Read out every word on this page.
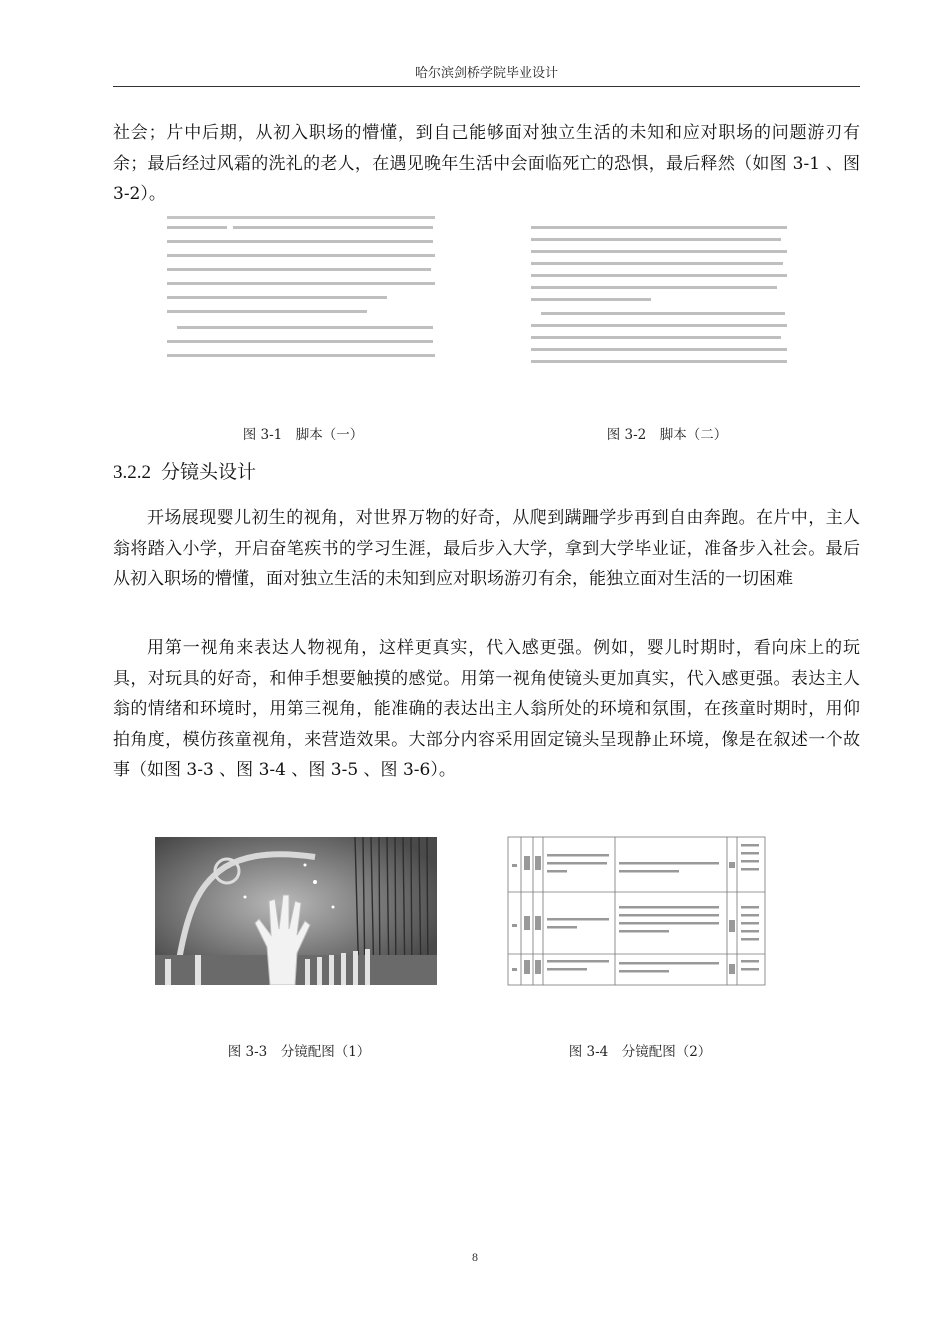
哈尔滨剑桥学院毕业设计

社会；片中后期，从初入职场的懵懂，到自己能够面对独立生活的未知和应对职场的问题游刃有余；最后经过风霜的洗礼的老人，在遇见晚年生活中会面临死亡的恐惧，最后释然（如图 3-1 、图 3-2）。

图 3-1　脚本（一）	图 3-2　脚本（二）
3.2.2 分镜头设计

开场展现婴儿初生的视角，对世界万物的好奇，从爬到蹒跚学步再到自由奔跑。在片中，主人翁将踏入小学，开启奋笔疾书的学习生涯，最后步入大学，拿到大学毕业证，准备步入社会。最后从初入职场的懵懂，面对独立生活的未知到应对职场游刃有余，能独立面对生活的一切困难

用第一视角来表达人物视角，这样更真实，代入感更强。例如，婴儿时期时，看向床上的玩具，对玩具的好奇，和伸手想要触摸的感觉。用第一视角使镜头更加真实，代入感更强。表达主人翁的情绪和环境时，用第三视角，能准确的表达出主人翁所处的环境和氛围，在孩童时期时，用仰拍角度，模仿孩童视角，来营造效果。大部分内容采用固定镜头呈现静止环境，像是在叙述一个故事（如图 3-3 、图 3-4 、图 3-5 、图 3-6）。

图 3-3　分镜配图（1）	图 3-4　分镜配图（2）
8
